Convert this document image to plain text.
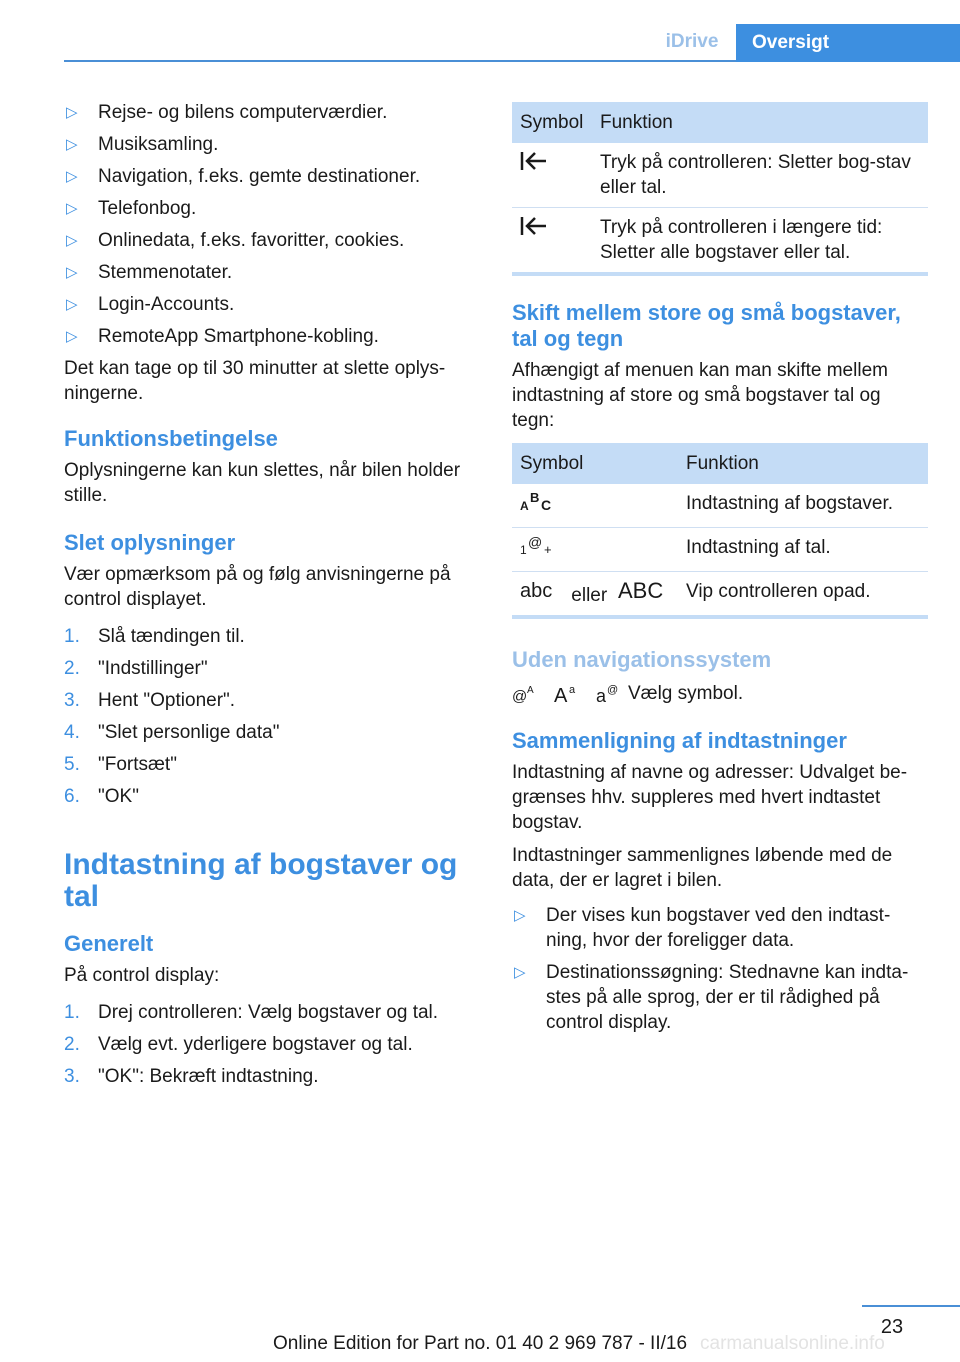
iDrive	Oversigt
▷ Rejse- og bilens computerværdier.
▷ Musiksamling.
▷ Navigation, f.eks. gemte destinationer.
▷ Telefonbog.
▷ Onlinedata, f.eks. favoritter, cookies.
▷ Stemmenotater.
▷ Login-Accounts.
▷ RemoteApp Smartphone-kobling.

Det kan tage op til 30 minutter at slette oplys-ningerne.

Funktionsbetingelse

Oplysningerne kan kun slettes, når bilen holder stille.

Slet oplysninger

Vær opmærksom på og følg anvisningerne på control displayet.

1. Slå tændingen til.
2. "Indstillinger"
3. Hent "Optioner".
4. "Slet personlige data"
5. "Fortsæt"
6. "OK"
Indtastning af bogstaver og tal
Generelt

På control display:

1. Drej controlleren: Vælg bogstaver og tal.
2. Vælg evt. yderligere bogstaver og tal.
3. "OK": Bekræft indtastning.
Symbol	Funktion

	Tryk på controlleren: Sletter bog-stav eller tal.

	Tryk på controlleren i længere tid: Sletter alle bogstaver eller tal.
Skift mellem store og små bogstaver, tal og tegn

Afhængigt af menuen kan man skifte mellem indtastning af store og små bogstaver tal og tegn:

Symbol	Funktion

A
B C	Indtastning af bogstaver.

1 @ +	Indtastning af tal.

abc eller ABC	Vip controlleren opad.
Uden navigationssystem
@ A A a a @ Vælg symbol.
Sammenligning af indtastninger

Indtastning af navne og adresser: Udvalget be-grænses hhv. suppleres med hvert indtastet bogstav.

Indtastninger sammenlignes løbende med de data, der er lagret i bilen.

▷ Der vises kun bogstaver ved den indtast-ning, hvor der foreligger data.
▷ Destinationssøgning: Stednavne kan indta-stes på alle sprog, der er til rådighed på control display.
23
carmanualsonline.info
Online Edition for Part no. 01 40 2 969 787 - II/16
